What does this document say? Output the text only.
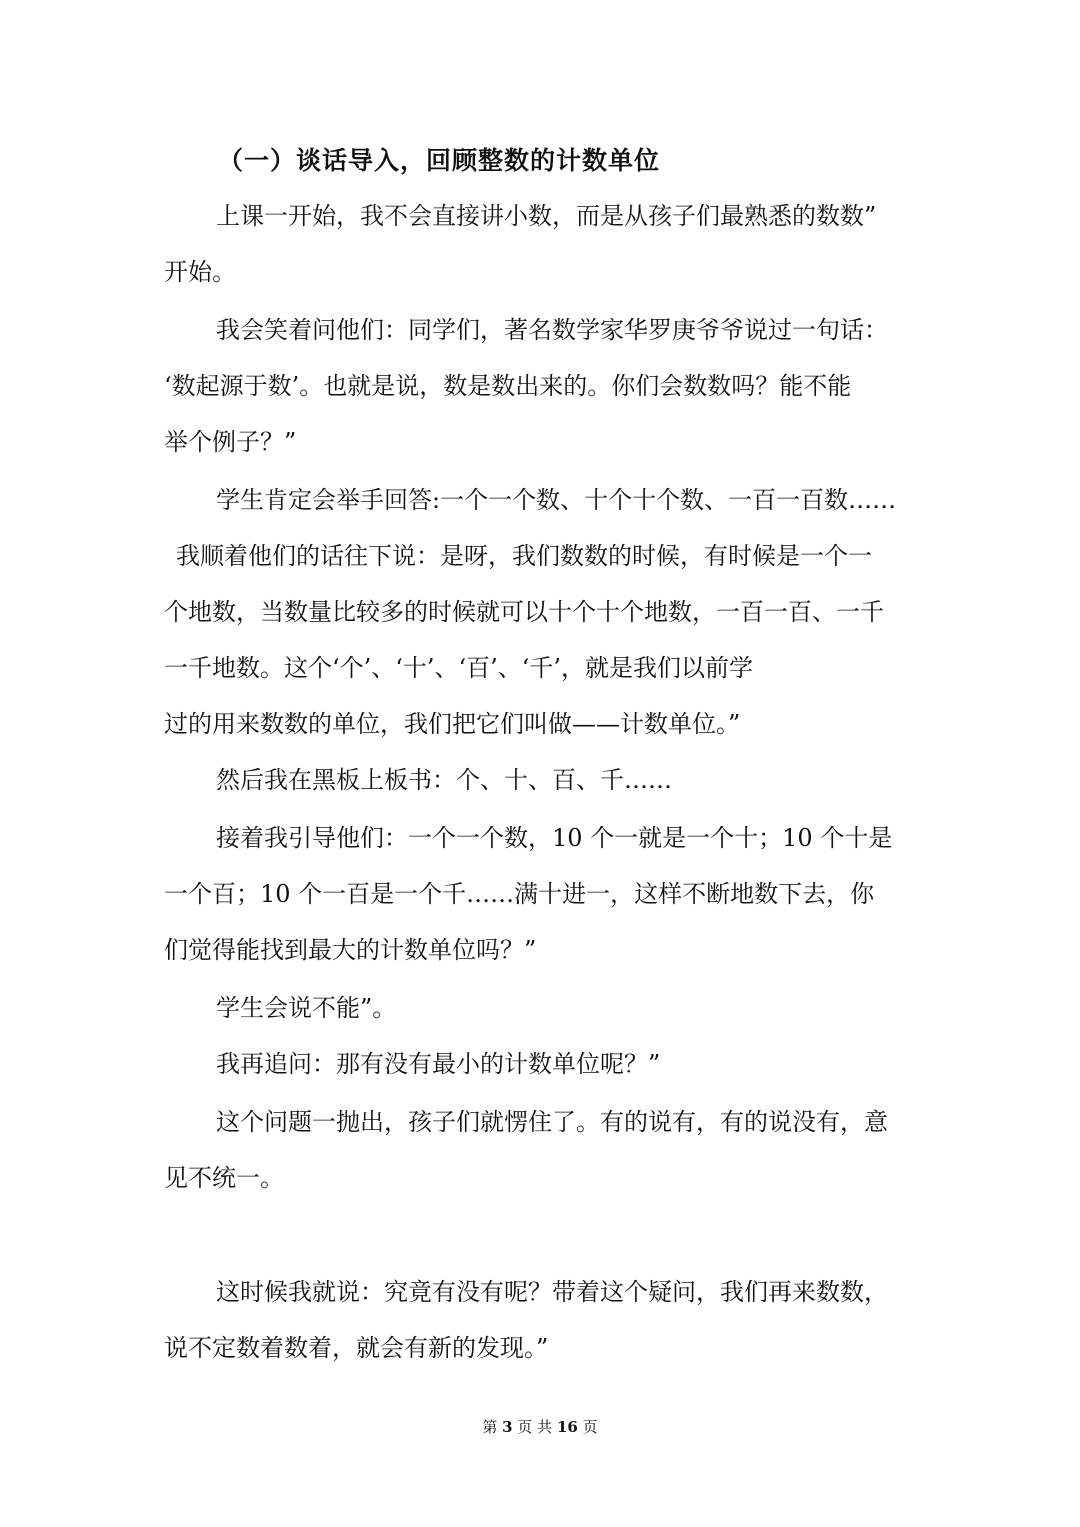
（一）谈话导入，回顾整数的计数单位
上课一开始，我不会直接讲小数，而是从孩子们最熟悉的数数”
开始。
我会笑着问他们：同学们，著名数学家华罗庚爷爷说过一句话：
‘数起源于数’。也就是说，数是数出来的。你们会数数吗？能不能
举个例子？”
学生肯定会举手回答:一个一个数、十个十个数、一百一百数……
我顺着他们的话往下说：是呀，我们数数的时候，有时候是一个一
个地数，当数量比较多的时候就可以十个十个地数，一百一百、一千
一千地数。这个‘个’、‘十’、‘百’、‘千’，就是我们以前学
过的用来数数的单位，我们把它们叫做——计数单位。”
然后我在黑板上板书：个、十、百、千……
接着我引导他们：一个一个数，10 个一就是一个十；10 个十是
一个百；10 个一百是一个千……满十进一，这样不断地数下去，你
们觉得能找到最大的计数单位吗？”
学生会说不能”。
我再追问：那有没有最小的计数单位呢？”
这个问题一抛出，孩子们就愣住了。有的说有，有的说没有，意
见不统一。
这时候我就说：究竟有没有呢？带着这个疑问，我们再来数数，
说不定数着数着，就会有新的发现。”
第 3 页 共 16 页
